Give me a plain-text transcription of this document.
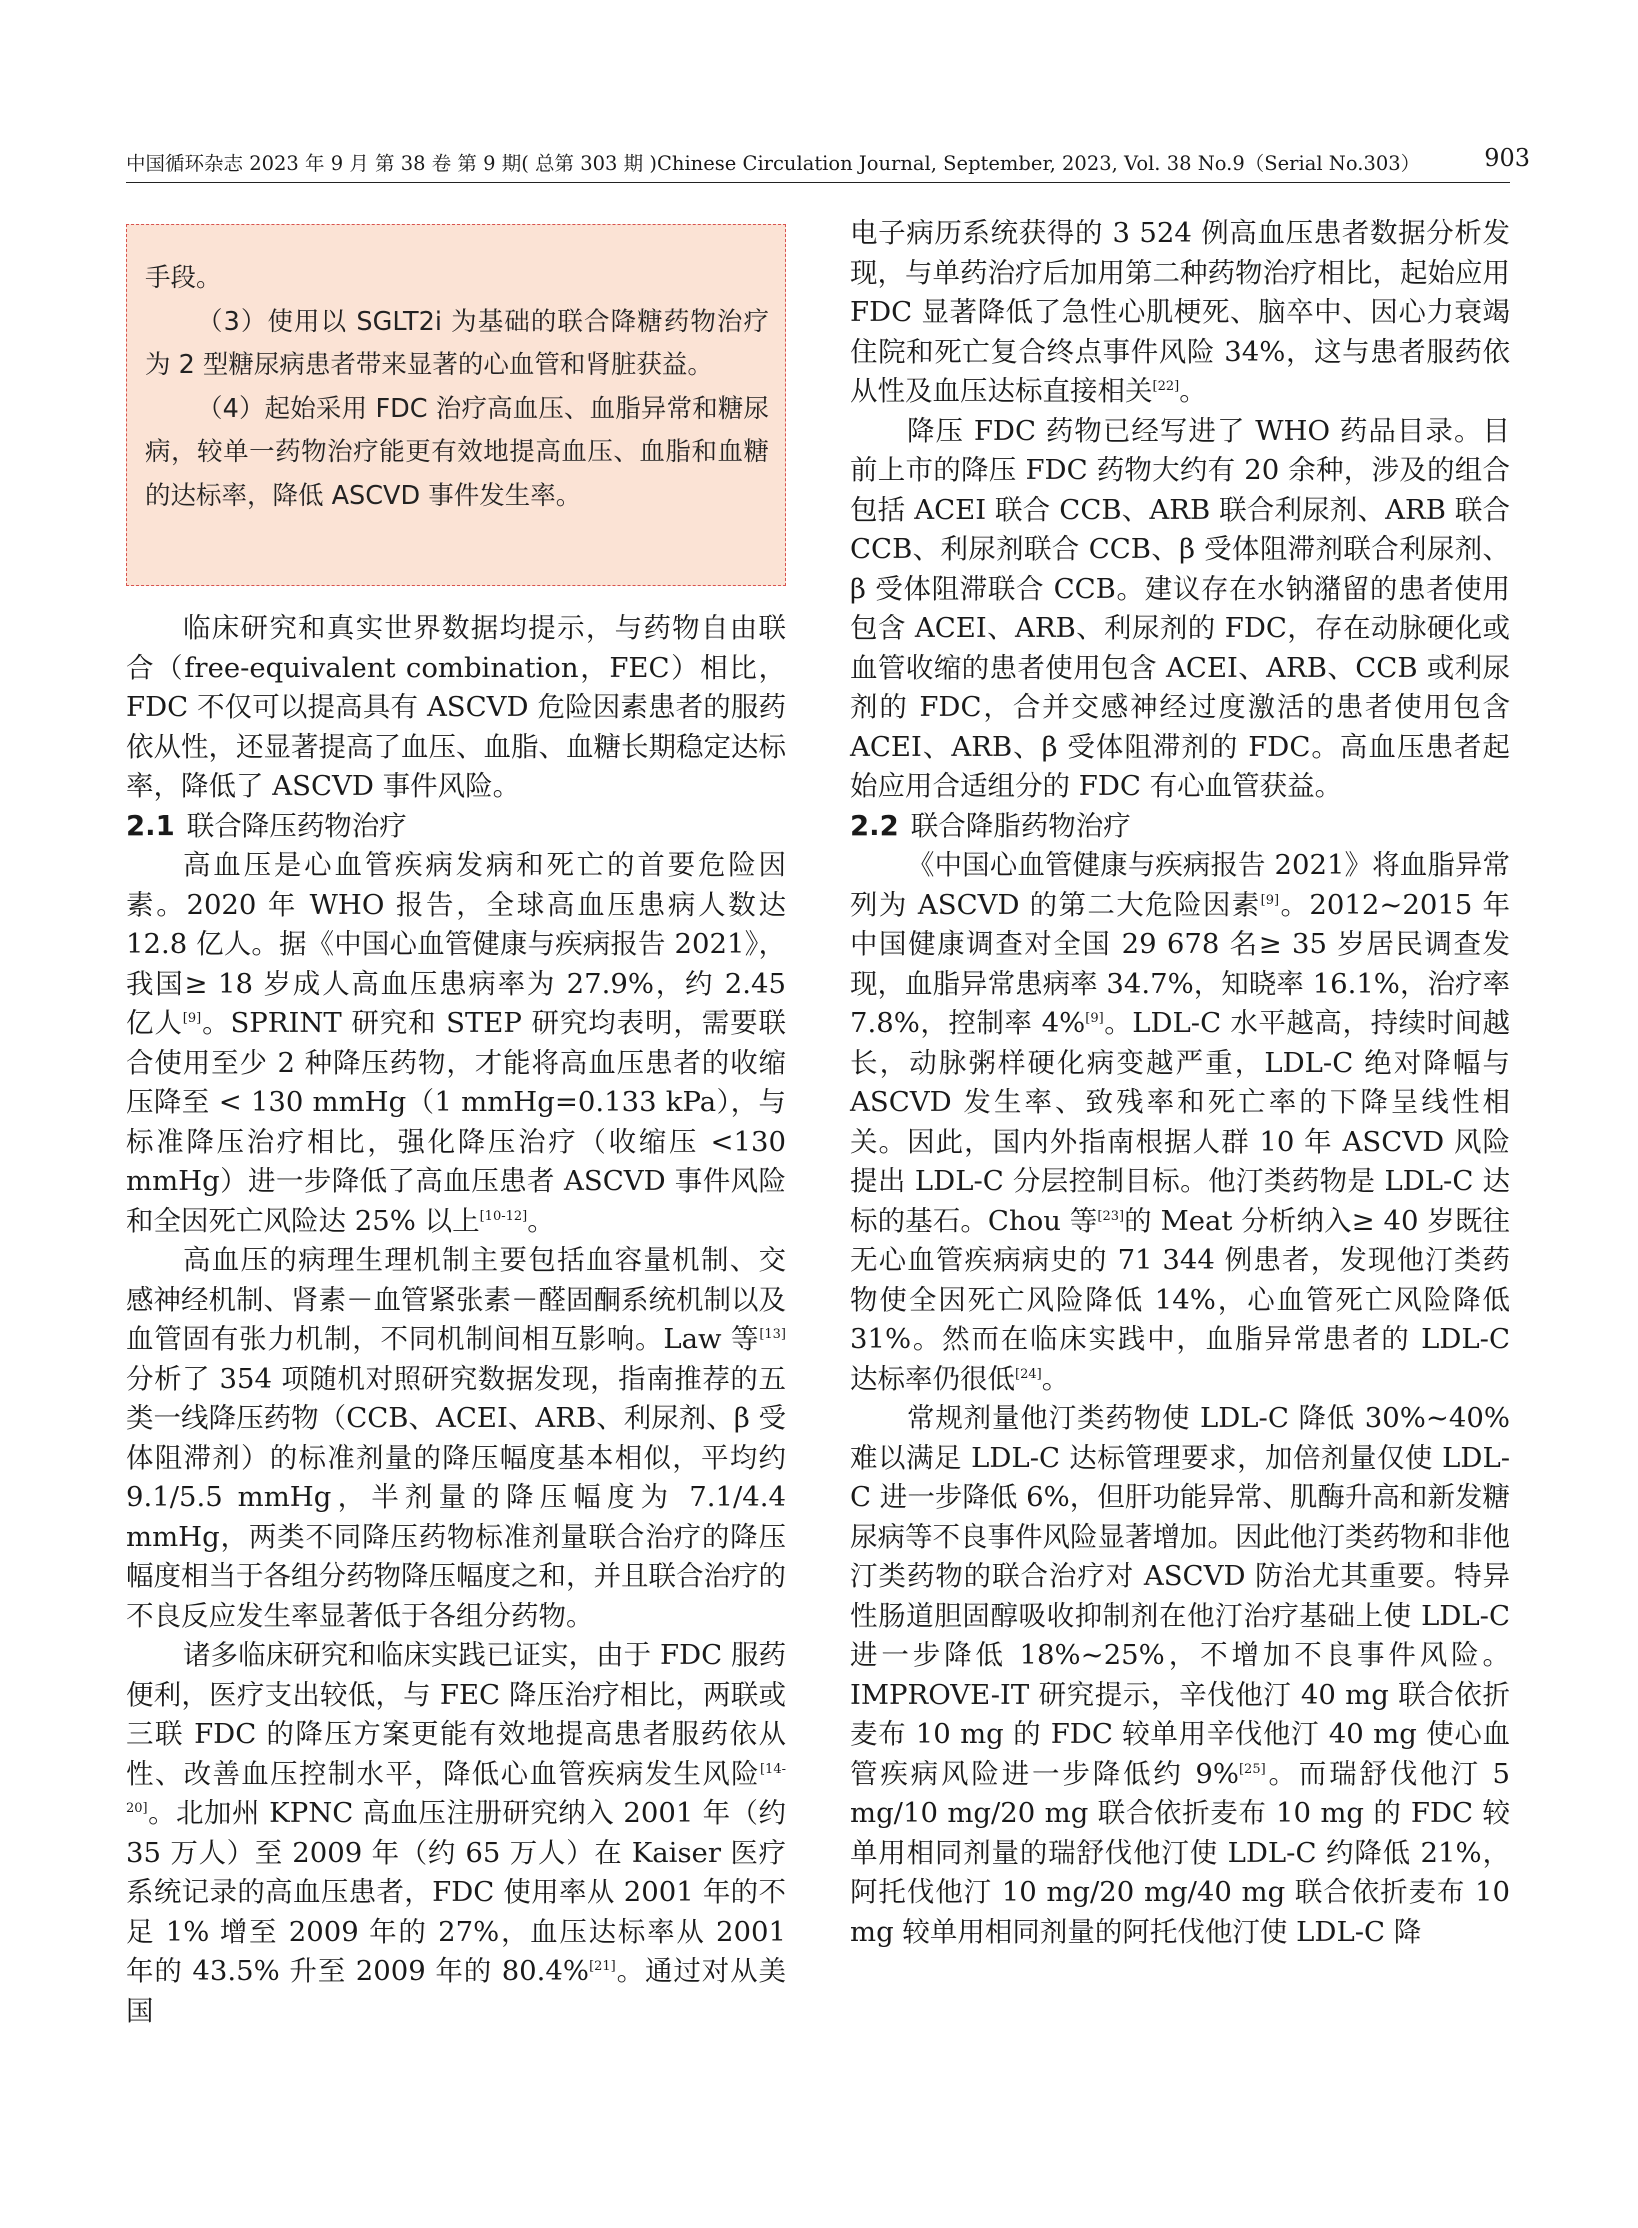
中国循环杂志 2023 年 9 月 第 38 卷 第 9 期( 总第 303 期 )Chinese Circulation Journal, September, 2023, Vol. 38 No.9（Serial No.303）	903

手段。

（3）使用以 SGLT2i 为基础的联合降糖药物治疗为 2 型糖尿病患者带来显著的心血管和肾脏获益。

（4）起始采用 FDC 治疗高血压、血脂异常和糖尿病，较单一药物治疗能更有效地提高血压、血脂和血糖的达标率，降低 ASCVD 事件发生率。

临床研究和真实世界数据均提示，与药物自由联合（free-equivalent combination，FEC）相比，FDC 不仅可以提高具有 ASCVD 危险因素患者的服药依从性，还显著提高了血压、血脂、血糖长期稳定达标率，降低了 ASCVD 事件风险。

2.1 联合降压药物治疗

高血压是心血管疾病发病和死亡的首要危险因素。2020 年 WHO 报告，全球高血压患病人数达 12.8 亿人。据《中国心血管健康与疾病报告 2021》，我国≥ 18 岁成人高血压患病率为 27.9%，约 2.45 亿人[9]。SPRINT 研究和 STEP 研究均表明，需要联合使用至少 2 种降压药物，才能将高血压患者的收缩压降至 < 130 mmHg（1 mmHg=0.133 kPa），与标准降压治疗相比，强化降压治疗（收缩压 <130 mmHg）进一步降低了高血压患者 ASCVD 事件风险和全因死亡风险达 25% 以上[10-12]。

高血压的病理生理机制主要包括血容量机制、交感神经机制、肾素－血管紧张素－醛固酮系统机制以及血管固有张力机制，不同机制间相互影响。Law 等[13]分析了 354 项随机对照研究数据发现，指南推荐的五类一线降压药物（CCB、ACEI、ARB、利尿剂、β 受体阻滞剂）的标准剂量的降压幅度基本相似，平均约 9.1/5.5 mmHg，半剂量的降压幅度为 7.1/4.4 mmHg，两类不同降压药物标准剂量联合治疗的降压幅度相当于各组分药物降压幅度之和，并且联合治疗的不良反应发生率显著低于各组分药物。

诸多临床研究和临床实践已证实，由于 FDC 服药便利，医疗支出较低，与 FEC 降压治疗相比，两联或三联 FDC 的降压方案更能有效地提高患者服药依从性、改善血压控制水平，降低心血管疾病发生风险[14-20]。北加州 KPNC 高血压注册研究纳入 2001 年（约 35 万人）至 2009 年（约 65 万人）在 Kaiser 医疗系统记录的高血压患者，FDC 使用率从 2001 年的不足 1% 增至 2009 年的 27%，血压达标率从 2001 年的 43.5% 升至 2009 年的 80.4%[21]。通过对从美国

电子病历系统获得的 3 524 例高血压患者数据分析发现，与单药治疗后加用第二种药物治疗相比，起始应用 FDC 显著降低了急性心肌梗死、脑卒中、因心力衰竭住院和死亡复合终点事件风险 34%，这与患者服药依从性及血压达标直接相关[22]。

降压 FDC 药物已经写进了 WHO 药品目录。目前上市的降压 FDC 药物大约有 20 余种，涉及的组合包括 ACEI 联合 CCB、ARB 联合利尿剂、ARB 联合 CCB、利尿剂联合 CCB、β 受体阻滞剂联合利尿剂、β 受体阻滞联合 CCB。建议存在水钠潴留的患者使用包含 ACEI、ARB、利尿剂的 FDC，存在动脉硬化或血管收缩的患者使用包含 ACEI、ARB、CCB 或利尿剂的 FDC，合并交感神经过度激活的患者使用包含 ACEI、ARB、β 受体阻滞剂的 FDC。高血压患者起始应用合适组分的 FDC 有心血管获益。

2.2 联合降脂药物治疗

《中国心血管健康与疾病报告 2021》将血脂异常列为 ASCVD 的第二大危险因素[9]。2012~2015 年中国健康调查对全国 29 678 名≥ 35 岁居民调查发现，血脂异常患病率 34.7%，知晓率 16.1%，治疗率 7.8%，控制率 4%[9]。LDL-C 水平越高，持续时间越长，动脉粥样硬化病变越严重，LDL-C 绝对降幅与 ASCVD 发生率、致残率和死亡率的下降呈线性相关。因此，国内外指南根据人群 10 年 ASCVD 风险提出 LDL-C 分层控制目标。他汀类药物是 LDL-C 达标的基石。Chou 等[23]的 Meat 分析纳入≥ 40 岁既往无心血管疾病病史的 71 344 例患者，发现他汀类药物使全因死亡风险降低 14%，心血管死亡风险降低 31%。然而在临床实践中，血脂异常患者的 LDL-C 达标率仍很低[24]。

常规剂量他汀类药物使 LDL-C 降低 30%~40% 难以满足 LDL-C 达标管理要求，加倍剂量仅使 LDL-C 进一步降低 6%，但肝功能异常、肌酶升高和新发糖尿病等不良事件风险显著增加。因此他汀类药物和非他汀类药物的联合治疗对 ASCVD 防治尤其重要。特异性肠道胆固醇吸收抑制剂在他汀治疗基础上使 LDL-C 进一步降低 18%~25%，不增加不良事件风险。IMPROVE-IT 研究提示，辛伐他汀 40 mg 联合依折麦布 10 mg 的 FDC 较单用辛伐他汀 40 mg 使心血管疾病风险进一步降低约 9%[25]。而瑞舒伐他汀 5 mg/10 mg/20 mg 联合依折麦布 10 mg 的 FDC 较单用相同剂量的瑞舒伐他汀使 LDL-C 约降低 21%，阿托伐他汀 10 mg/20 mg/40 mg 联合依折麦布 10 mg 较单用相同剂量的阿托伐他汀使 LDL-C 降
